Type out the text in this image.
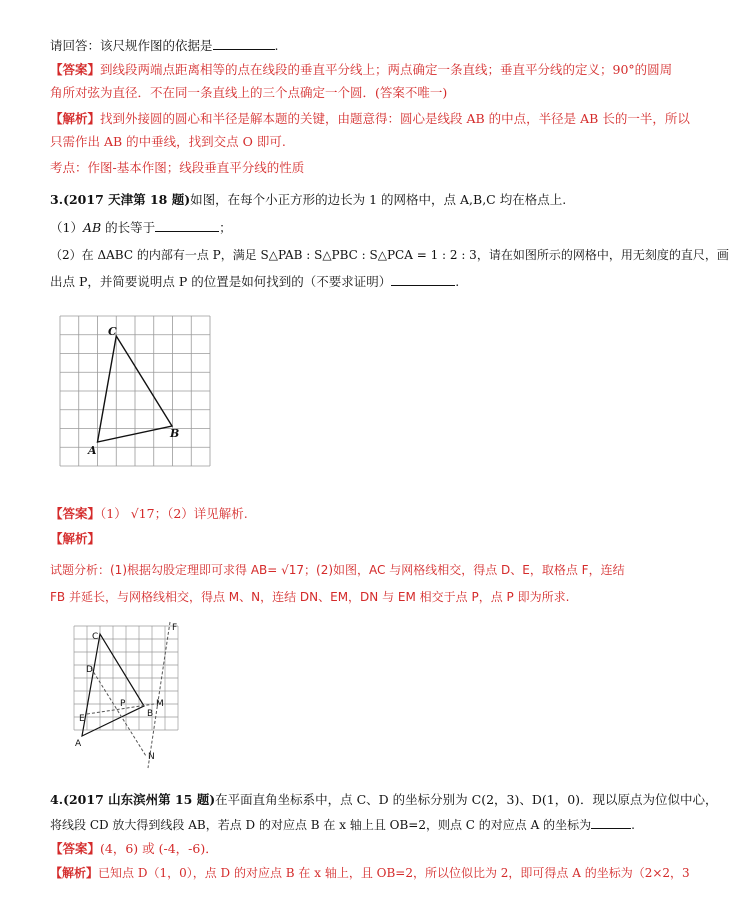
请回答：该尺规作图的依据是	.
【答案】到线段两端点距离相等的点在线段的垂直平分线上；两点确定一条直线；垂直平分线的定义；90°的圆周
角所对弦为直径．不在同一条直线上的三个点确定一个圆．(答案不唯一)
【解析】找到外接圆的圆心和半径是解本题的关键，由题意得：圆心是线段 AB 的中点，半径是 AB 长的一半，所以
只需作出 AB 的中垂线，找到交点 O 即可.
考点：作图-基本作图；线段垂直平分线的性质
3.(2017 天津第 18 题)如图，在每个小正方形的边长为 1 的网格中，点 A,B,C 均在格点上.
（1）AB 的长等于	；
（2）在 ΔABC 的内部有一点 P，满足 S△PAB : S△PBC : S△PCA = 1 : 2 : 3，请在如图所示的网格中，用无刻度的直尺，画
出点 P，并简要说明点 P 的位置是如何找到的（不要求证明）	.
A
B
C
【答案】（1） √17；（2）详见解析.
【解析】
试题分析：(1)根据勾股定理即可求得 AB= √17；(2)如图，AC 与网格线相交，得点 D、E，取格点 F，连结
FB 并延长，与网格线相交，得点 M、N，连结 DN、EM，DN 与 EM 相交于点 P，点 P 即为所求.
A
B
C
D
E
F
M
N
P
4.(2017 山东滨州第 15 题)在平面直角坐标系中，点 C、D 的坐标分别为 C(2，3)、D(1，0)．现以原点为位似中心，
将线段 CD 放大得到线段 AB，若点 D 的对应点 B 在 x 轴上且 OB=2，则点 C 的对应点 A 的坐标为	.
【答案】(4，6) 或 (-4，-6)．
【解析】已知点 D（1，0），点 D 的对应点 B 在 x 轴上，且 OB=2，所以位似比为 2，即可得点 A 的坐标为（2×2，3
